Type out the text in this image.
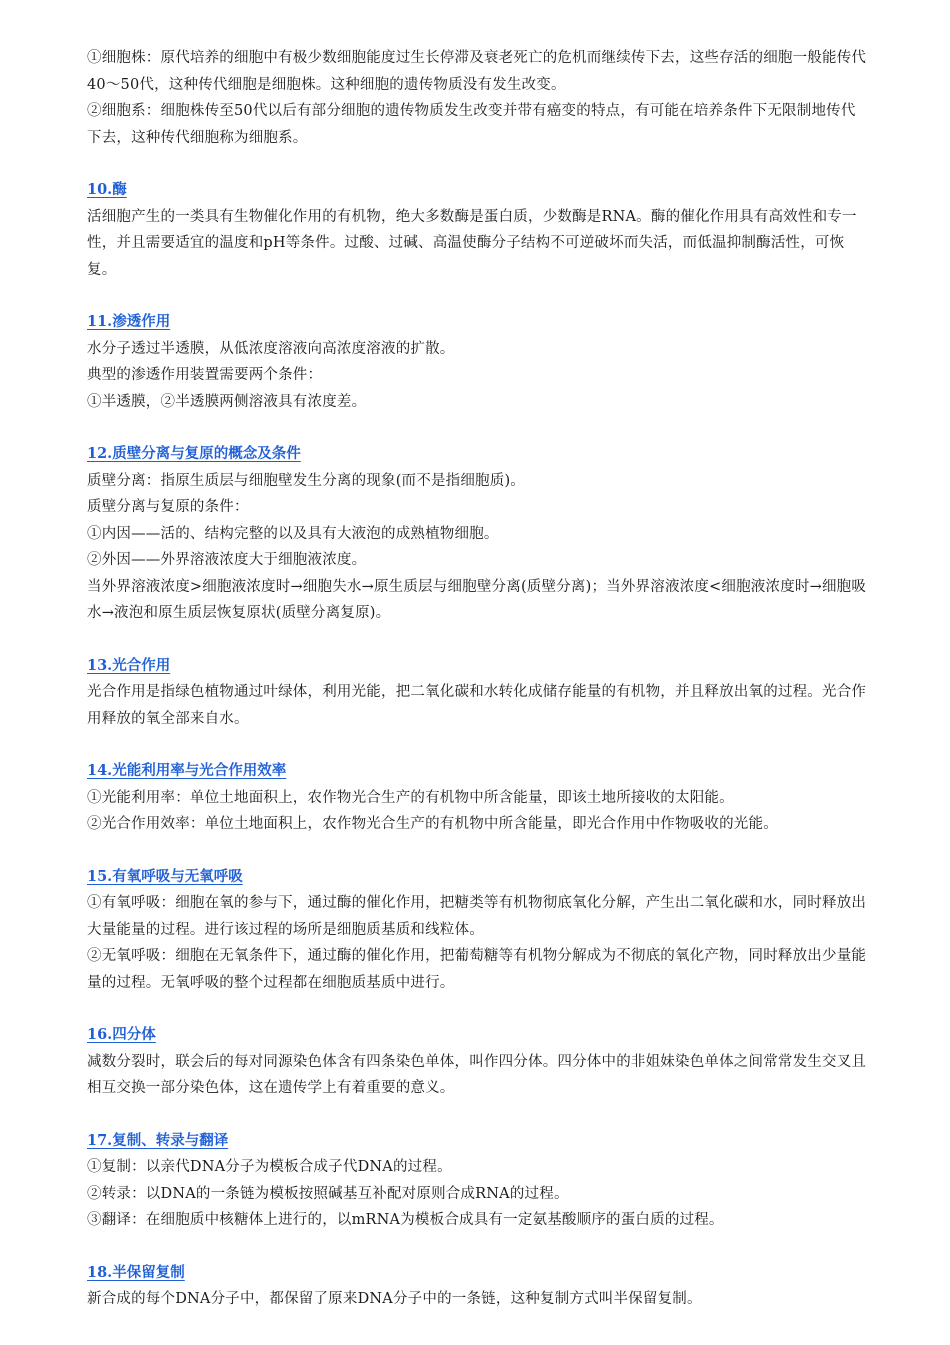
①细胞株：原代培养的细胞中有极少数细胞能度过生长停滞及衰老死亡的危机而继续传下去，这些存活的细胞一般能传代40～50代，这种传代细胞是细胞株。这种细胞的遗传物质没有发生改变。

②细胞系：细胞株传至50代以后有部分细胞的遗传物质发生改变并带有癌变的特点，有可能在培养条件下无限制地传代下去，这种传代细胞称为细胞系。

10.酶

活细胞产生的一类具有生物催化作用的有机物，绝大多数酶是蛋白质，少数酶是RNA。酶的催化作用具有高效性和专一性，并且需要适宜的温度和pH等条件。过酸、过碱、高温使酶分子结构不可逆破坏而失活，而低温抑制酶活性，可恢复。

11.渗透作用

水分子透过半透膜，从低浓度溶液向高浓度溶液的扩散。

典型的渗透作用装置需要两个条件：

①半透膜，②半透膜两侧溶液具有浓度差。

12.质壁分离与复原的概念及条件

质壁分离：指原生质层与细胞壁发生分离的现象(而不是指细胞质)。

质壁分离与复原的条件：

①内因——活的、结构完整的以及具有大液泡的成熟植物细胞。

②外因——外界溶液浓度大于细胞液浓度。

当外界溶液浓度>细胞液浓度时→细胞失水→原生质层与细胞壁分离(质壁分离)；当外界溶液浓度<细胞液浓度时→细胞吸水→液泡和原生质层恢复原状(质壁分离复原)。

13.光合作用

光合作用是指绿色植物通过叶绿体，利用光能，把二氧化碳和水转化成储存能量的有机物，并且释放出氧的过程。光合作用释放的氧全部来自水。

14.光能利用率与光合作用效率

①光能利用率：单位土地面积上，农作物光合生产的有机物中所含能量，即该土地所接收的太阳能。

②光合作用效率：单位土地面积上，农作物光合生产的有机物中所含能量，即光合作用中作物吸收的光能。

15.有氧呼吸与无氧呼吸

①有氧呼吸：细胞在氧的参与下，通过酶的催化作用，把糖类等有机物彻底氧化分解，产生出二氧化碳和水，同时释放出大量能量的过程。进行该过程的场所是细胞质基质和线粒体。

②无氧呼吸：细胞在无氧条件下，通过酶的催化作用，把葡萄糖等有机物分解成为不彻底的氧化产物，同时释放出少量能量的过程。无氧呼吸的整个过程都在细胞质基质中进行。

16.四分体

减数分裂时，联会后的每对同源染色体含有四条染色单体，叫作四分体。四分体中的非姐妹染色单体之间常常发生交叉且相互交换一部分染色体，这在遗传学上有着重要的意义。

17.复制、转录与翻译

①复制：以亲代DNA分子为模板合成子代DNA的过程。

②转录：以DNA的一条链为模板按照碱基互补配对原则合成RNA的过程。

③翻译：在细胞质中核糖体上进行的，以mRNA为模板合成具有一定氨基酸顺序的蛋白质的过程。

18.半保留复制

新合成的每个DNA分子中，都保留了原来DNA分子中的一条链，这种复制方式叫半保留复制。
